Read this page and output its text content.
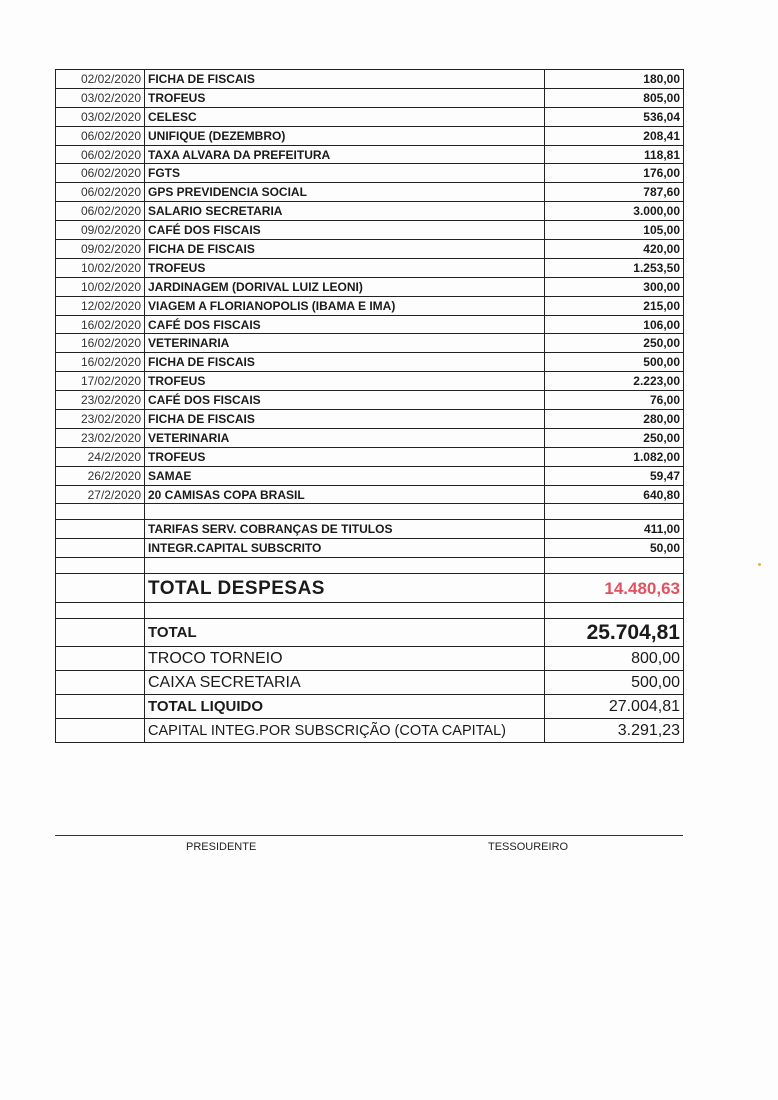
02/02/2020	FICHA DE FISCAIS	180,00
03/02/2020	TROFEUS	805,00
03/02/2020	CELESC	536,04
06/02/2020	UNIFIQUE (DEZEMBRO)	208,41
06/02/2020	TAXA ALVARA DA PREFEITURA	118,81
06/02/2020	FGTS	176,00
06/02/2020	GPS PREVIDENCIA SOCIAL	787,60
06/02/2020	SALARIO SECRETARIA	3.000,00
09/02/2020	CAFÉ DOS FISCAIS	105,00
09/02/2020	FICHA DE FISCAIS	420,00
10/02/2020	TROFEUS	1.253,50
10/02/2020	JARDINAGEM (DORIVAL LUIZ LEONI)	300,00
12/02/2020	VIAGEM A FLORIANOPOLIS (IBAMA E IMA)	215,00
16/02/2020	CAFÉ DOS FISCAIS	106,00
16/02/2020	VETERINARIA	250,00
16/02/2020	FICHA DE FISCAIS	500,00
17/02/2020	TROFEUS	2.223,00
23/02/2020	CAFÉ DOS FISCAIS	76,00
23/02/2020	FICHA DE FISCAIS	280,00
23/02/2020	VETERINARIA	250,00
24/2/2020	TROFEUS	1.082,00
26/2/2020	SAMAE	59,47
27/2/2020	20 CAMISAS COPA BRASIL	640,80

	TARIFAS SERV. COBRANÇAS DE TITULOS	411,00
	INTEGR.CAPITAL SUBSCRITO	50,00

	TOTAL DESPESAS	14.480,63

	TOTAL	25.704,81
	TROCO TORNEIO	800,00
	CAIXA SECRETARIA	500,00
	TOTAL LIQUIDO	27.004,81
	CAPITAL INTEG.POR SUBSCRIÇÃO (COTA CAPITAL)	3.291,23
PRESIDENTE	TESSOUREIRO
